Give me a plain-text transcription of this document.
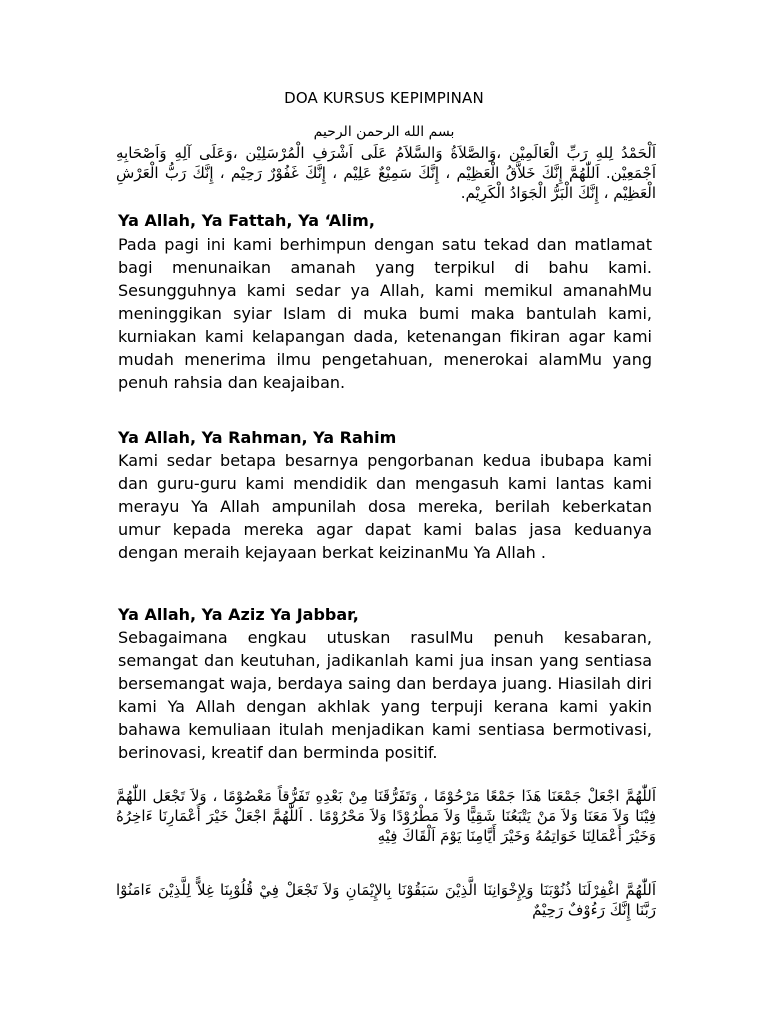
DOA KURSUS KEPIMPINAN
بسم الله الرحمن الرحيم
اَلْحَمْدُ لِلهِ رَبِّ الْعَالَمِيْن ،وَالصَّلاَةُ وَالسَّلاَمُ عَلَى اَشْرَفِ الْمُرْسَلِيْن ،وَعَلَى آلِهِ وَاَصْحَابِهِ اَجْمَعِيْن. اَللّٰهُمَّ إِنَّكَ خَلاَّقُ الْعَظِيْم ، إِنَّكَ سَمِيْعٌ عَلِيْم ، إِنَّكَ غَفُوْرٌ رَحِيْم ، إِنَّكَ رَبُّ الْعَرْشِ الْعَظِيْم ، إِنَّكَ الْبَرُّ الْجَوَادُ الْكَرِيْم.
Ya Allah, Ya Fattah, Ya ‘Alim,
Pada pagi ini kami berhimpun dengan satu tekad dan matlamat bagi menunaikan amanah yang terpikul di bahu kami. Sesungguhnya kami sedar ya Allah, kami memikul amanahMu meninggikan syiar Islam di muka bumi maka bantulah kami, kurniakan kami kelapangan dada, ketenangan fikiran agar kami mudah menerima ilmu pengetahuan, menerokai alamMu yang penuh rahsia dan keajaiban.
Ya Allah, Ya Rahman, Ya Rahim
Kami sedar betapa besarnya pengorbanan kedua ibubapa kami dan guru-guru kami mendidik dan mengasuh kami lantas kami merayu Ya Allah ampunilah dosa mereka, berilah keberkatan umur kepada mereka agar dapat kami balas jasa keduanya dengan meraih kejayaan berkat keizinanMu Ya Allah .
Ya Allah, Ya Aziz Ya Jabbar,
Sebagaimana engkau utuskan rasulMu penuh kesabaran, semangat dan keutuhan, jadikanlah kami jua insan yang sentiasa bersemangat waja, berdaya saing dan berdaya juang. Hiasilah diri kami Ya Allah dengan akhlak yang terpuji kerana kami yakin bahawa kemuliaan itulah menjadikan kami sentiasa bermotivasi, berinovasi, kreatif dan berminda positif.
اَللّٰهُمَّ اجْعَلْ جَمْعَنَا هَذَا جَمْعًا مَرْحُوْمًا ، وَتَفَرُّقَنَا مِنْ بَعْدِهِ تَفَرُّقاً مَعْصُوْمًا ، وَلاَ تَجْعَل اللّٰهُمَّ فِيْنَا وَلاَ مَعَنَا وَلاَ مَنْ يَتْبَعُنَا شَقِيًّا وَلاَ مَطْرُوْدًا وَلاَ مَحْرُوْمًا . اَللّٰهُمَّ اجْعَلْ خَيْرَ أَعْمَارِنَا ءَاخِرُهُ وَخَيْرَ أَعْمَالِنَا خَوَاتِمُهُ وَخَيْرَ أَيَّامِنَا يَوْمَ اَلْقَاكَ فِيْهِ
اَللّٰهُمَّ اغْفِرْلَنَا ذُنُوْبَنَا وَلِإِخْوَانِنَا الَّذِيْنَ سَبَقُوْنَا بِالإِيْمَانِ وَلاَ تَجْعَلْ فِيْ قُلُوْبِنَا غِلاًّ لِلَّذِيْنَ ءَامَنُوْا رَبَّنَا إِنَّكَ رَءُوْفٌ رَحِيْمٌ
